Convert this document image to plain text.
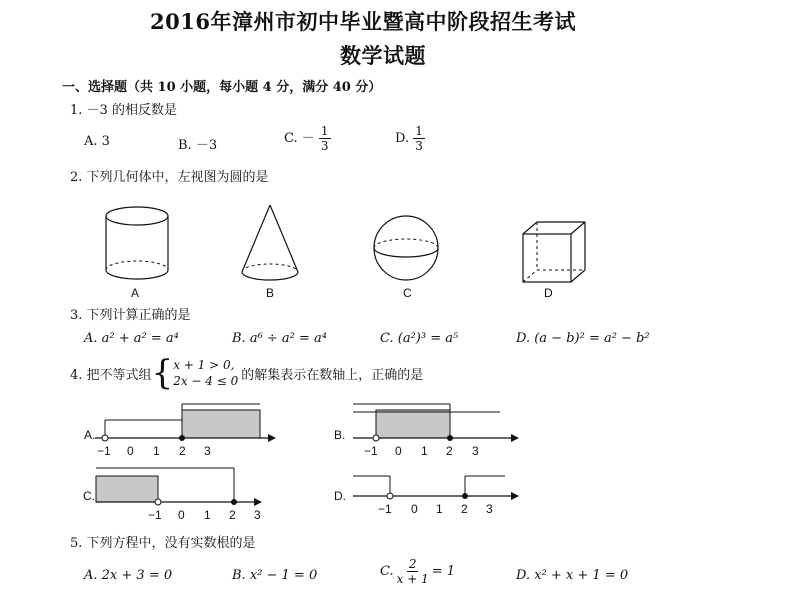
2016年漳州市初中毕业暨高中阶段招生考试
数学试题
一、选择题（共 10 小题，每小题 4 分，满分 40 分）
1. －3 的相反数是
A. 3	B. －3	C. － $\frac{1}{3}$	D. $\frac{1}{3}$
2. 下列几何体中，左视图为圆的是
A	B	C	D
3. 下列计算正确的是
A. a² + a² = a⁴	B. a⁶ ÷ a² = a⁴	C. (a²)³ = a⁵	D. (a − b)² = a² − b²
4. 把不等式组 { x + 1 > 0,
2x − 4 ≤ 0 的解集表示在数轴上，正确的是
A.
−1 0 1 2 3
B.
−1 0 1 2 3
C.
−1 0 1 2 3
D.
−1 0 1 2 3
5. 下列方程中，没有实数根的是
A. 2x + 3 = 0	B. x² − 1 = 0	C. $\frac{2}{x + 1} = 1$	D. x² + x + 1 = 0
